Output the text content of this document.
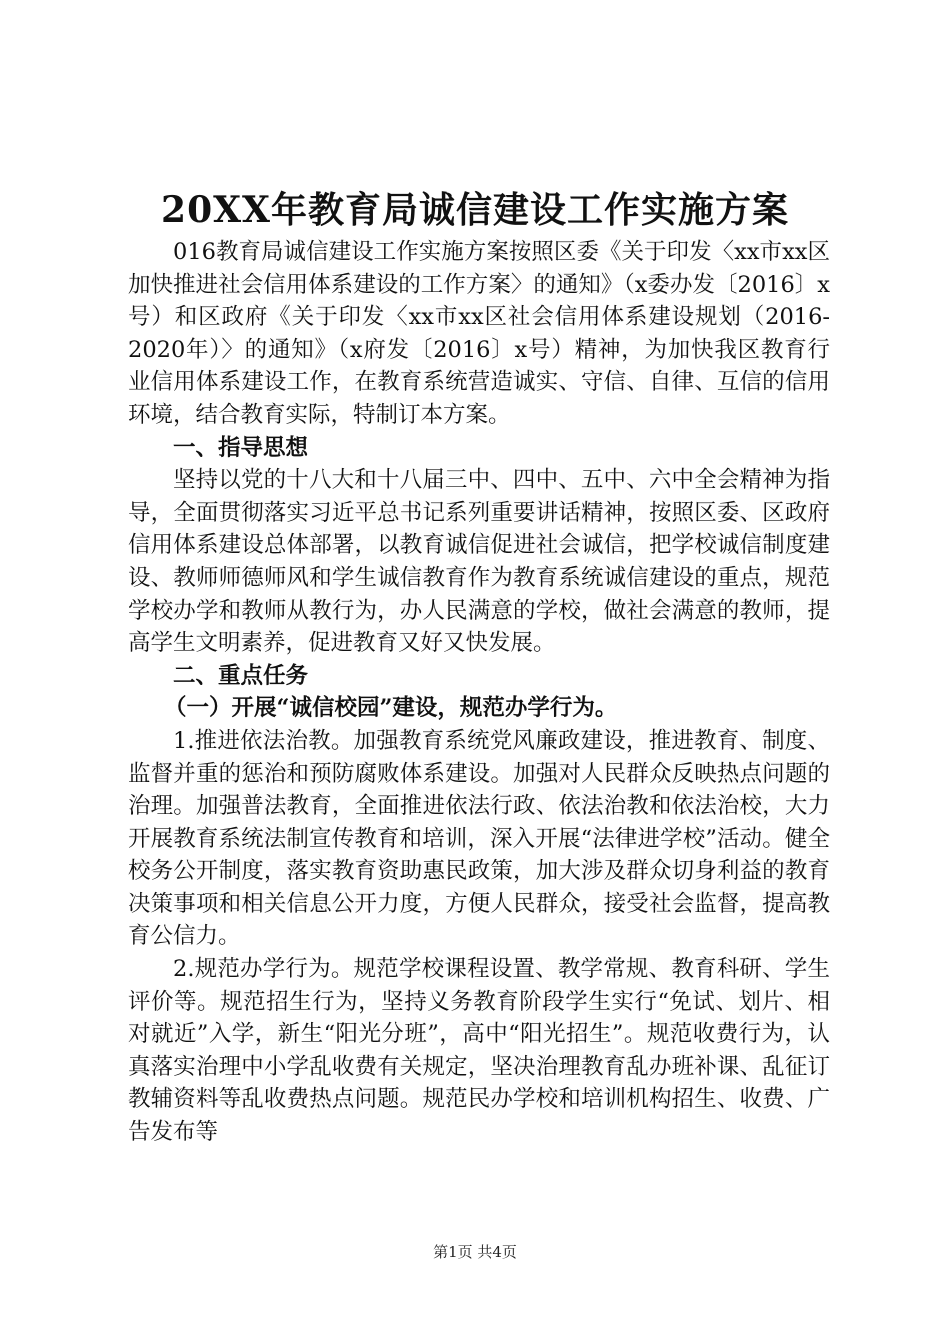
20XX年教育局诚信建设工作实施方案

016教育局诚信建设工作实施方案按照区委《关于印发〈xx市xx区加快推进社会信用体系建设的工作方案〉的通知》（x委办发〔2016〕x号）和区政府《关于印发〈xx市xx区社会信用体系建设规划（2016-2020年）〉的通知》（x府发〔2016〕x号）精神，为加快我区教育行业信用体系建设工作，在教育系统营造诚实、守信、自律、互信的信用环境，结合教育实际，特制订本方案。

一、指导思想

坚持以党的十八大和十八届三中、四中、五中、六中全会精神为指导，全面贯彻落实习近平总书记系列重要讲话精神，按照区委、区政府信用体系建设总体部署，以教育诚信促进社会诚信，把学校诚信制度建设、教师师德师风和学生诚信教育作为教育系统诚信建设的重点，规范学校办学和教师从教行为，办人民满意的学校，做社会满意的教师，提高学生文明素养，促进教育又好又快发展。

二、重点任务
（一）开展“诚信校园”建设，规范办学行为。

1.推进依法治教。加强教育系统党风廉政建设，推进教育、制度、监督并重的惩治和预防腐败体系建设。加强对人民群众反映热点问题的治理。加强普法教育，全面推进依法行政、依法治教和依法治校，大力开展教育系统法制宣传教育和培训，深入开展“法律进学校”活动。健全校务公开制度，落实教育资助惠民政策，加大涉及群众切身利益的教育决策事项和相关信息公开力度，方便人民群众，接受社会监督，提高教育公信力。

2.规范办学行为。规范学校课程设置、教学常规、教育科研、学生评价等。规范招生行为，坚持义务教育阶段学生实行“免试、划片、相对就近”入学，新生“阳光分班”，高中“阳光招生”。规范收费行为，认真落实治理中小学乱收费有关规定，坚决治理教育乱办班补课、乱征订教辅资料等乱收费热点问题。规范民办学校和培训机构招生、收费、广告发布等

第1页 共4页
